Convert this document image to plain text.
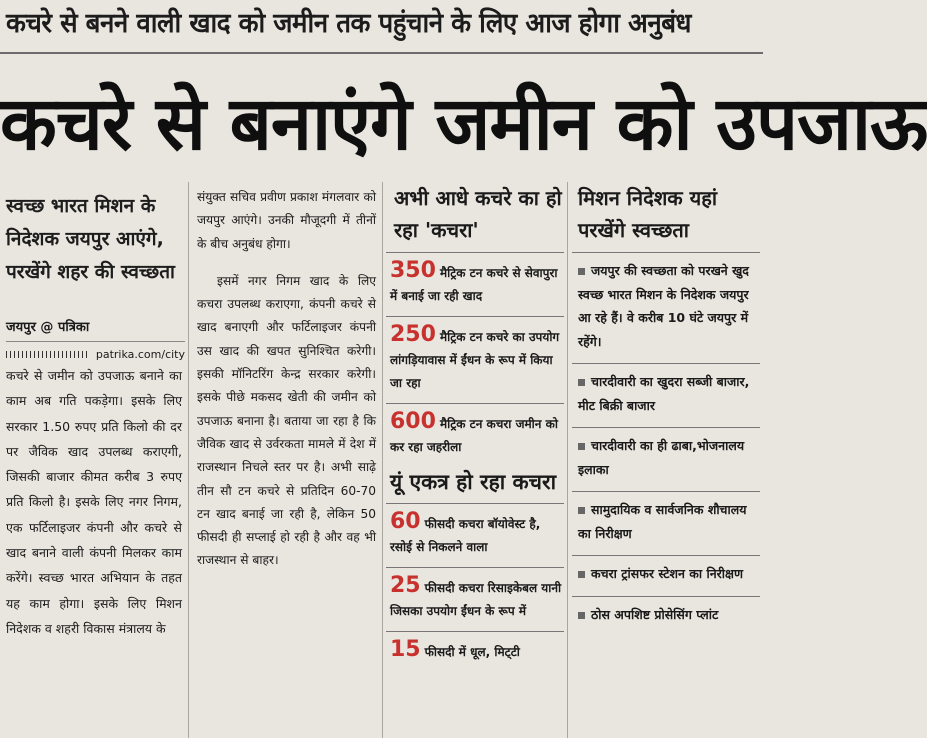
कचरे से बनने वाली खाद को जमीन तक पहुंचाने के लिए आज होगा अनुबंध
कचरे से बनाएंगे जमीन को उपजाऊ
स्वच्छ भारत मिशन के निदेशक जयपुर आएंगे, परखेंगे शहर की स्वच्छता
जयपुर @ पत्रिका
patrika.com/city
कचरे से जमीन को उपजाऊ बनाने का काम अब गति पकड़ेगा। इसके लिए सरकार 1.50 रुपए प्रति किलो की दर पर जैविक खाद उपलब्ध कराएगी, जिसकी बाजार कीमत करीब 3 रुपए प्रति किलो है। इसके लिए नगर निगम, एक फर्टिलाइजर कंपनी और कचरे से खाद बनाने वाली कंपनी मिलकर काम करेंगे। स्वच्छ भारत अभियान के तहत यह काम होगा। इसके लिए मिशन निदेशक व शहरी विकास मंत्रालय के
संयुक्त सचिव प्रवीण प्रकाश मंगलवार को जयपुर आएंगे। उनकी मौजूदगी में तीनों के बीच अनुबंध होगा।
इसमें नगर निगम खाद के लिए कचरा उपलब्ध कराएगा, कंपनी कचरे से खाद बनाएगी और फर्टिलाइजर कंपनी उस खाद की खपत सुनिश्चित करेगी। इसकी मॉनिटरिंग केन्द्र सरकार करेगी। इसके पीछे मकसद खेती की जमीन को उपजाऊ बनाना है। बताया जा रहा है कि जैविक खाद से उर्वरकता मामले में देश में राजस्थान निचले स्तर पर है। अभी साढ़े तीन सौ टन कचरे से प्रतिदिन 60-70 टन खाद बनाई जा रही है, लेकिन 50 फीसदी ही सप्लाई हो रही है और वह भी राजस्थान से बाहर।
अभी आधे कचरे का हो रहा 'कचरा'
350 मैट्रिक टन कचरे से सेवापुरा में बनाई जा रही खाद
250 मैट्रिक टन कचरे का उपयोग लांगड़ियावास में ईंधन के रूप में किया जा रहा
600 मैट्रिक टन कचरा जमीन को कर रहा जहरीला
यूं एकत्र हो रहा कचरा
60 फीसदी कचरा बॉयोवेस्ट है, रसोई से निकलने वाला
25 फीसदी कचरा रिसाइकेबल यानी जिसका उपयोग ईंधन के रूप में
15 फीसदी में धूल, मिट्‌टी
मिशन निदेशक यहां परखेंगे स्वच्छता
जयपुर की स्वच्छता को परखने खुद स्वच्छ भारत मिशन के निदेशक जयपुर आ रहे हैं। वे करीब 10 घंटे जयपुर में रहेंगे।
चारदीवारी का खुदरा सब्जी बाजार, मीट बिक्री बाजार
चारदीवारी का ही ढाबा,भोजनालय इलाका
सामुदायिक व सार्वजनिक शौचालय का निरीक्षण
कचरा ट्रांसफर स्टेशन का निरीक्षण
ठोस अपशिष्ट प्रोसेसिंग प्लांट
